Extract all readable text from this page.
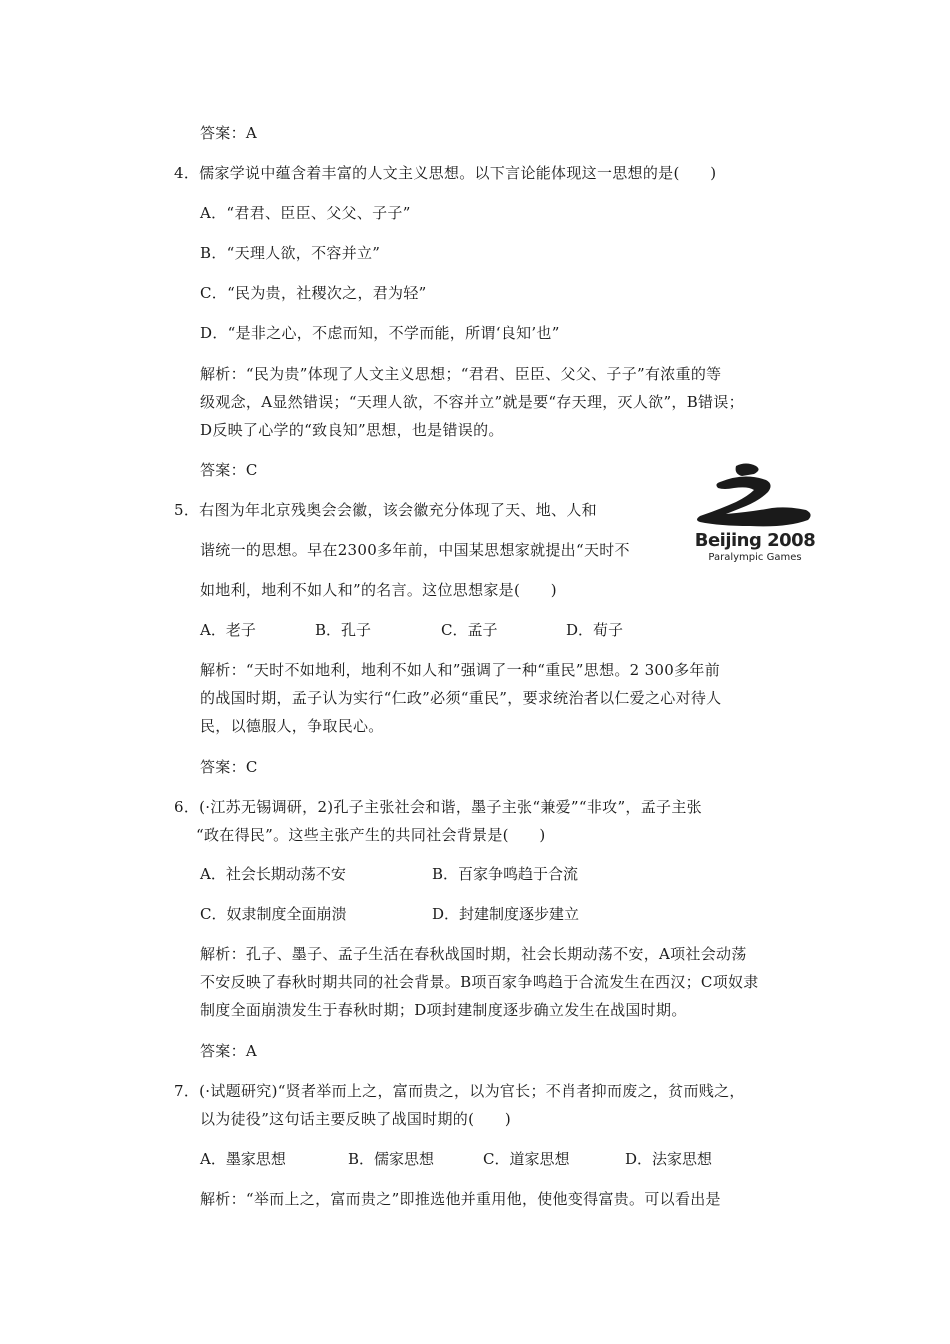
答案：A
4．儒家学说中蕴含着丰富的人文主义思想。以下言论能体现这一思想的是(　　)
A．“君君、臣臣、父父、子子”
B．“天理人欲，不容并立”
C．“民为贵，社稷次之，君为轻”
D．“是非之心，不虑而知，不学而能，所谓‘良知’也”
解析：“民为贵”体现了人文主义思想；“君君、臣臣、父父、子子”有浓重的等
级观念，A显然错误；“天理人欲，不容并立”就是要“存天理，灭人欲”，B错误；
D反映了心学的“致良知”思想，也是错误的。
答案：C
5．右图为年北京残奥会会徽，该会徽充分体现了天、地、人和
谐统一的思想。早在2300多年前，中国某思想家就提出“天时不
如地利，地利不如人和”的名言。这位思想家是(　　)
Beijing 2008
Paralympic Games
A．老子	B．孔子	C．孟子	D．荀子
解析：“天时不如地利，地利不如人和”强调了一种“重民”思想。2 300多年前
的战国时期，孟子认为实行“仁政”必须“重民”，要求统治者以仁爱之心对待人
民，以德服人，争取民心。
答案：C
6．(·江苏无锡调研，2)孔子主张社会和谐，墨子主张“兼爱”“非攻”，孟子主张
“政在得民”。这些主张产生的共同社会背景是(　　)
A．社会长期动荡不安	B．百家争鸣趋于合流
C．奴隶制度全面崩溃	D．封建制度逐步建立
解析：孔子、墨子、孟子生活在春秋战国时期，社会长期动荡不安，A项社会动荡
不安反映了春秋时期共同的社会背景。B项百家争鸣趋于合流发生在西汉；C项奴隶
制度全面崩溃发生于春秋时期；D项封建制度逐步确立发生在战国时期。
答案：A
7．(·试题研究)“贤者举而上之，富而贵之，以为官长；不肖者抑而废之，贫而贱之，
以为徒役”这句话主要反映了战国时期的(　　)
A．墨家思想	B．儒家思想	C．道家思想	D．法家思想
解析：“举而上之，富而贵之”即推选他并重用他，使他变得富贵。可以看出是
